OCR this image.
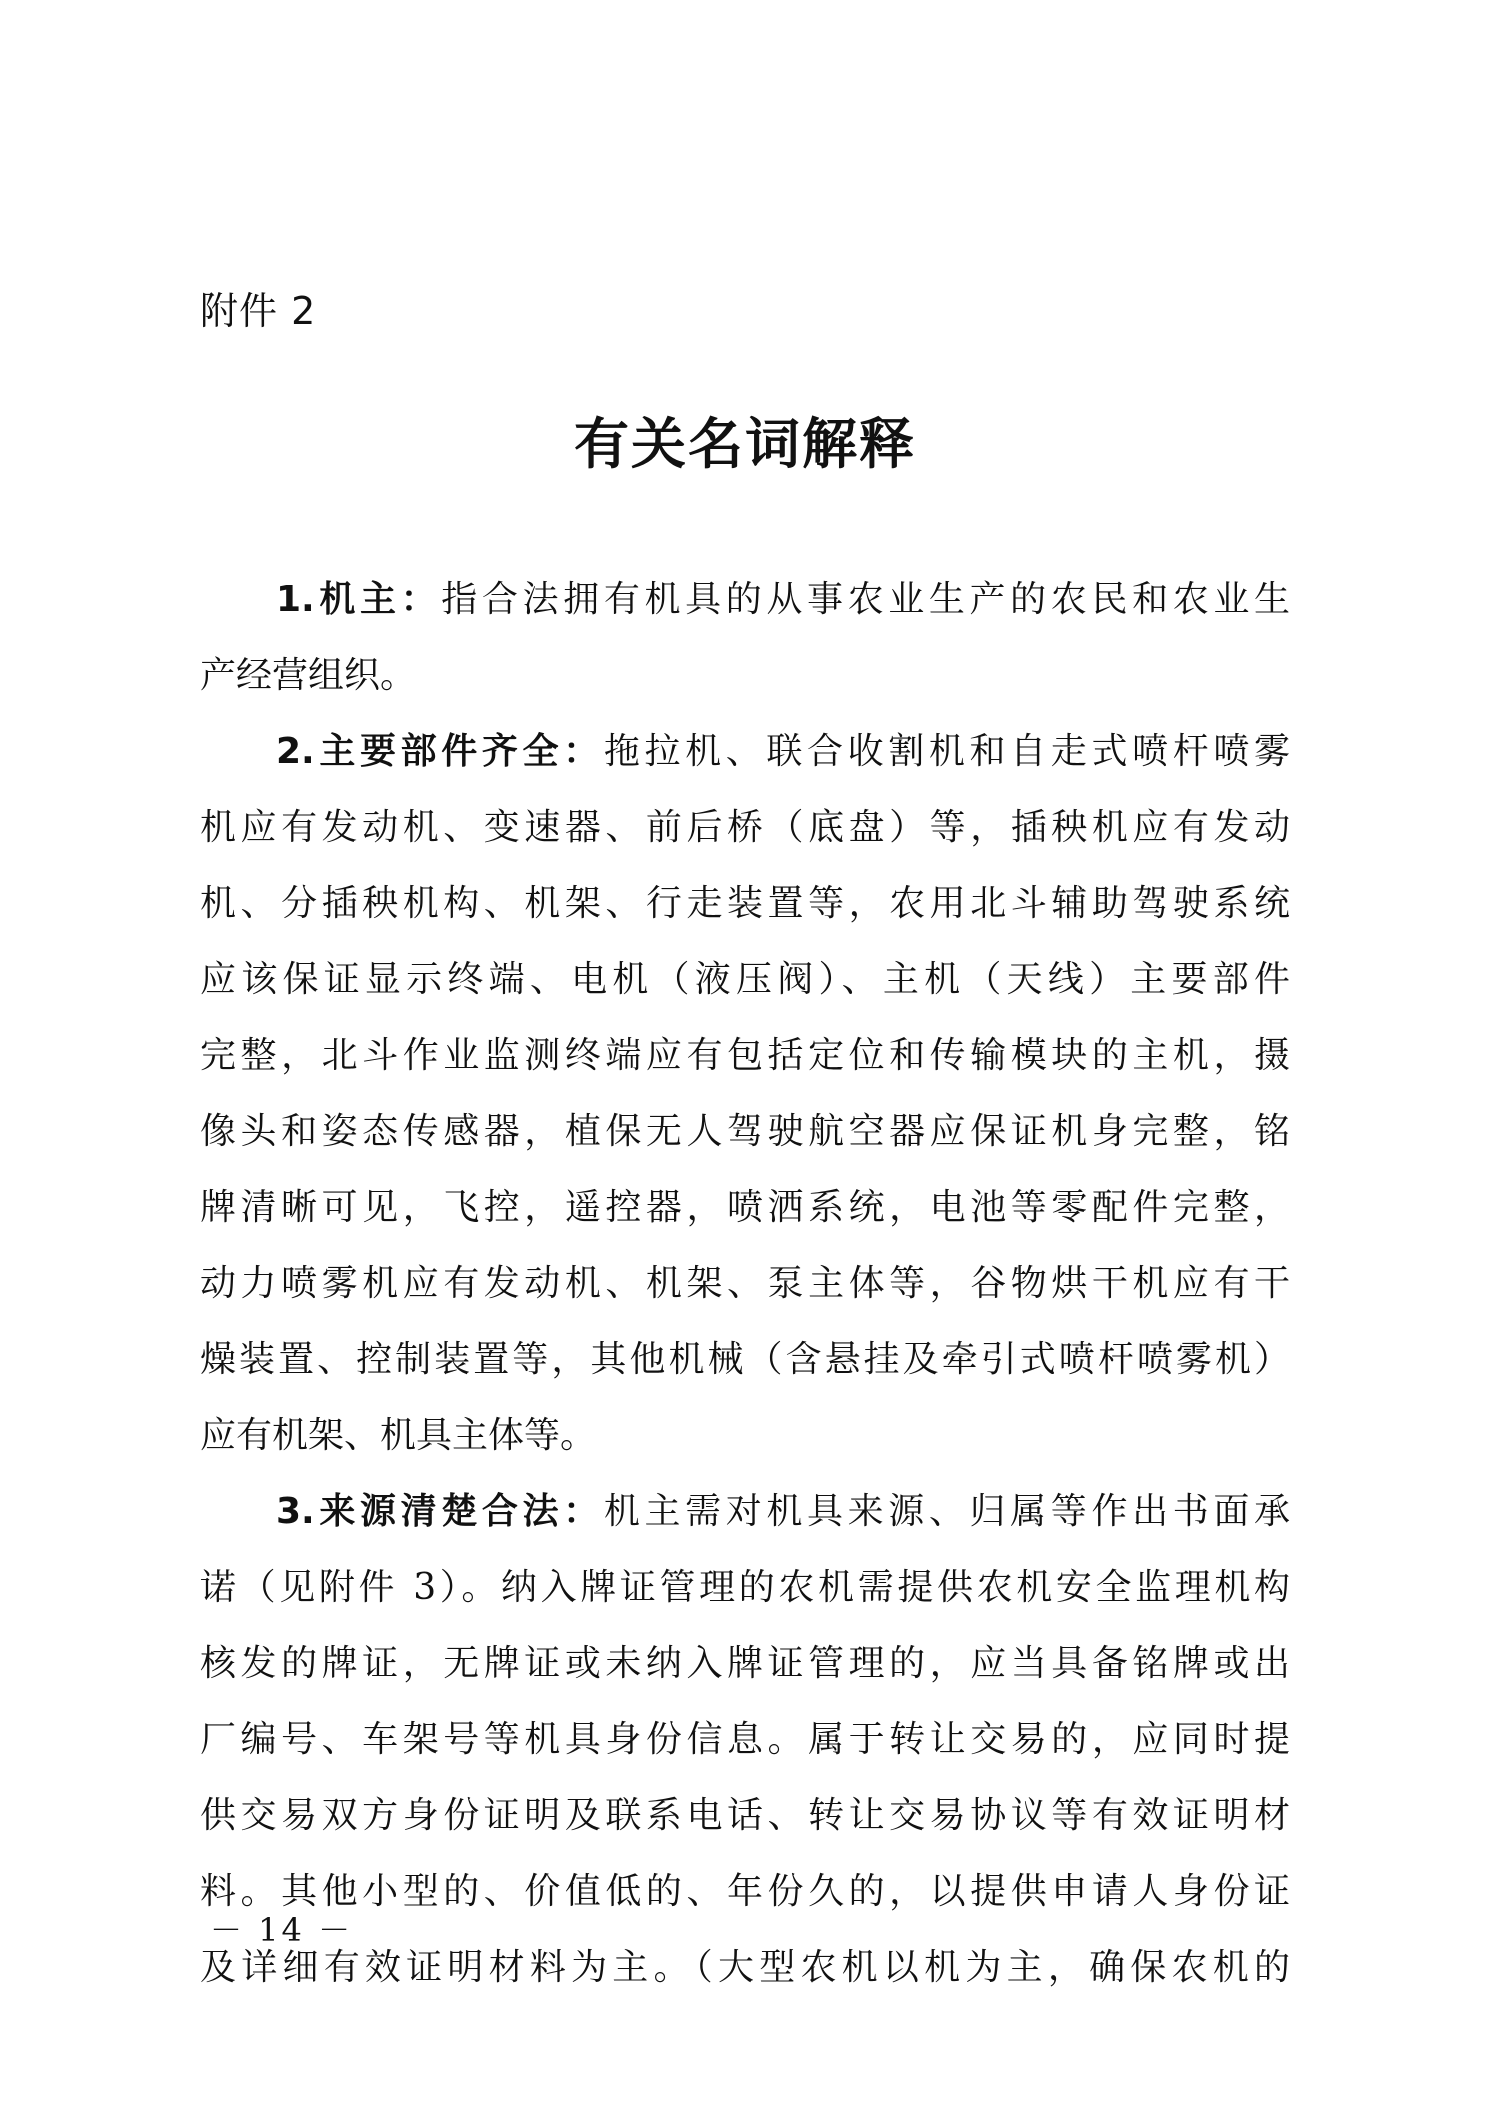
附件 2
有关名词解释
1.机主：指合法拥有机具的从事农业生产的农民和农业生
产经营组织。
2.主要部件齐全：拖拉机、联合收割机和自走式喷杆喷雾
机应有发动机、变速器、前后桥（底盘）等，插秧机应有发动
机、分插秧机构、机架、行走装置等，农用北斗辅助驾驶系统
应该保证显示终端、电机（液压阀）、主机（天线）主要部件
完整，北斗作业监测终端应有包括定位和传输模块的主机，摄
像头和姿态传感器，植保无人驾驶航空器应保证机身完整，铭
牌清晰可见，飞控，遥控器，喷洒系统，电池等零配件完整，
动力喷雾机应有发动机、机架、泵主体等，谷物烘干机应有干
燥装置、控制装置等，其他机械（含悬挂及牵引式喷杆喷雾机）
应有机架、机具主体等。
3.来源清楚合法：机主需对机具来源、归属等作出书面承
诺（见附件 3）。纳入牌证管理的农机需提供农机安全监理机构
核发的牌证，无牌证或未纳入牌证管理的，应当具备铭牌或出
厂编号、车架号等机具身份信息。属于转让交易的，应同时提
供交易双方身份证明及联系电话、转让交易协议等有效证明材
料。其他小型的、价值低的、年份久的，以提供申请人身份证
及详细有效证明材料为主。（大型农机以机为主，确保农机的
－ 14 －
